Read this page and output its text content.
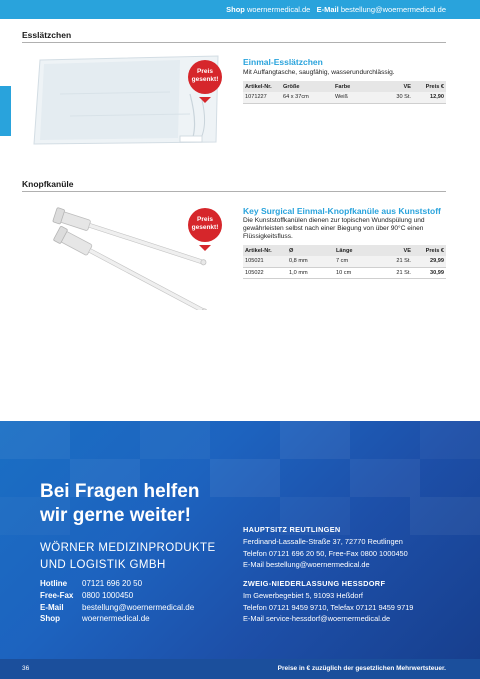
Shop woernermedical.de E-Mail bestellung@woernermedical.de
Esslätzchen
Preis
gesenkt!
Einmal-Esslätzchen
Mit Auffangtasche, saugfähig, wasserundurchlässig.
Artikel-Nr.	Größe	Farbe	VE	Preis €
1071227	64 x 37cm	Weiß	30 St.	12,90
Knopfkanüle
Preis
gesenkt!
Key Surgical Einmal-Knopfkanüle aus Kunststoff
Die Kunststoffkanülen dienen zur topischen Wundspülung und gewährleisten selbst nach einer Biegung von über 90°C einen Flüssigkeitsfluss.
Artikel-Nr.	Ø	Länge	VE	Preis €
105021	0,8 mm	7 cm	21 St.	29,99
105022	1,0 mm	10 cm	21 St.	30,99
Bei Fragen helfen
wir gerne weiter!
WÖRNER MEDIZINPRODUKTE
UND LOGISTIK GMBH
Hotline 07121 696 20 50
Free-Fax 0800 1000450
E-Mail bestellung@woernermedical.de
Shop	woernermedical.de
HAUPTSITZ REUTLINGEN
Ferdinand-Lassalle-Straße 37, 72770 Reutlingen
Telefon 07121 696 20 50, Free-Fax 0800 1000450
E-Mail bestellung@woernermedical.de
ZWEIG-NIEDERLASSUNG HESSDORF
Im Gewerbegebiet 5, 91093 Heßdorf
Telefon 07121 9459 9710, Telefax 07121 9459 9719
E-Mail service-hessdorf@woernermedical.de
36	Preise in € zuzüglich der gesetzlichen Mehrwertsteuer.
